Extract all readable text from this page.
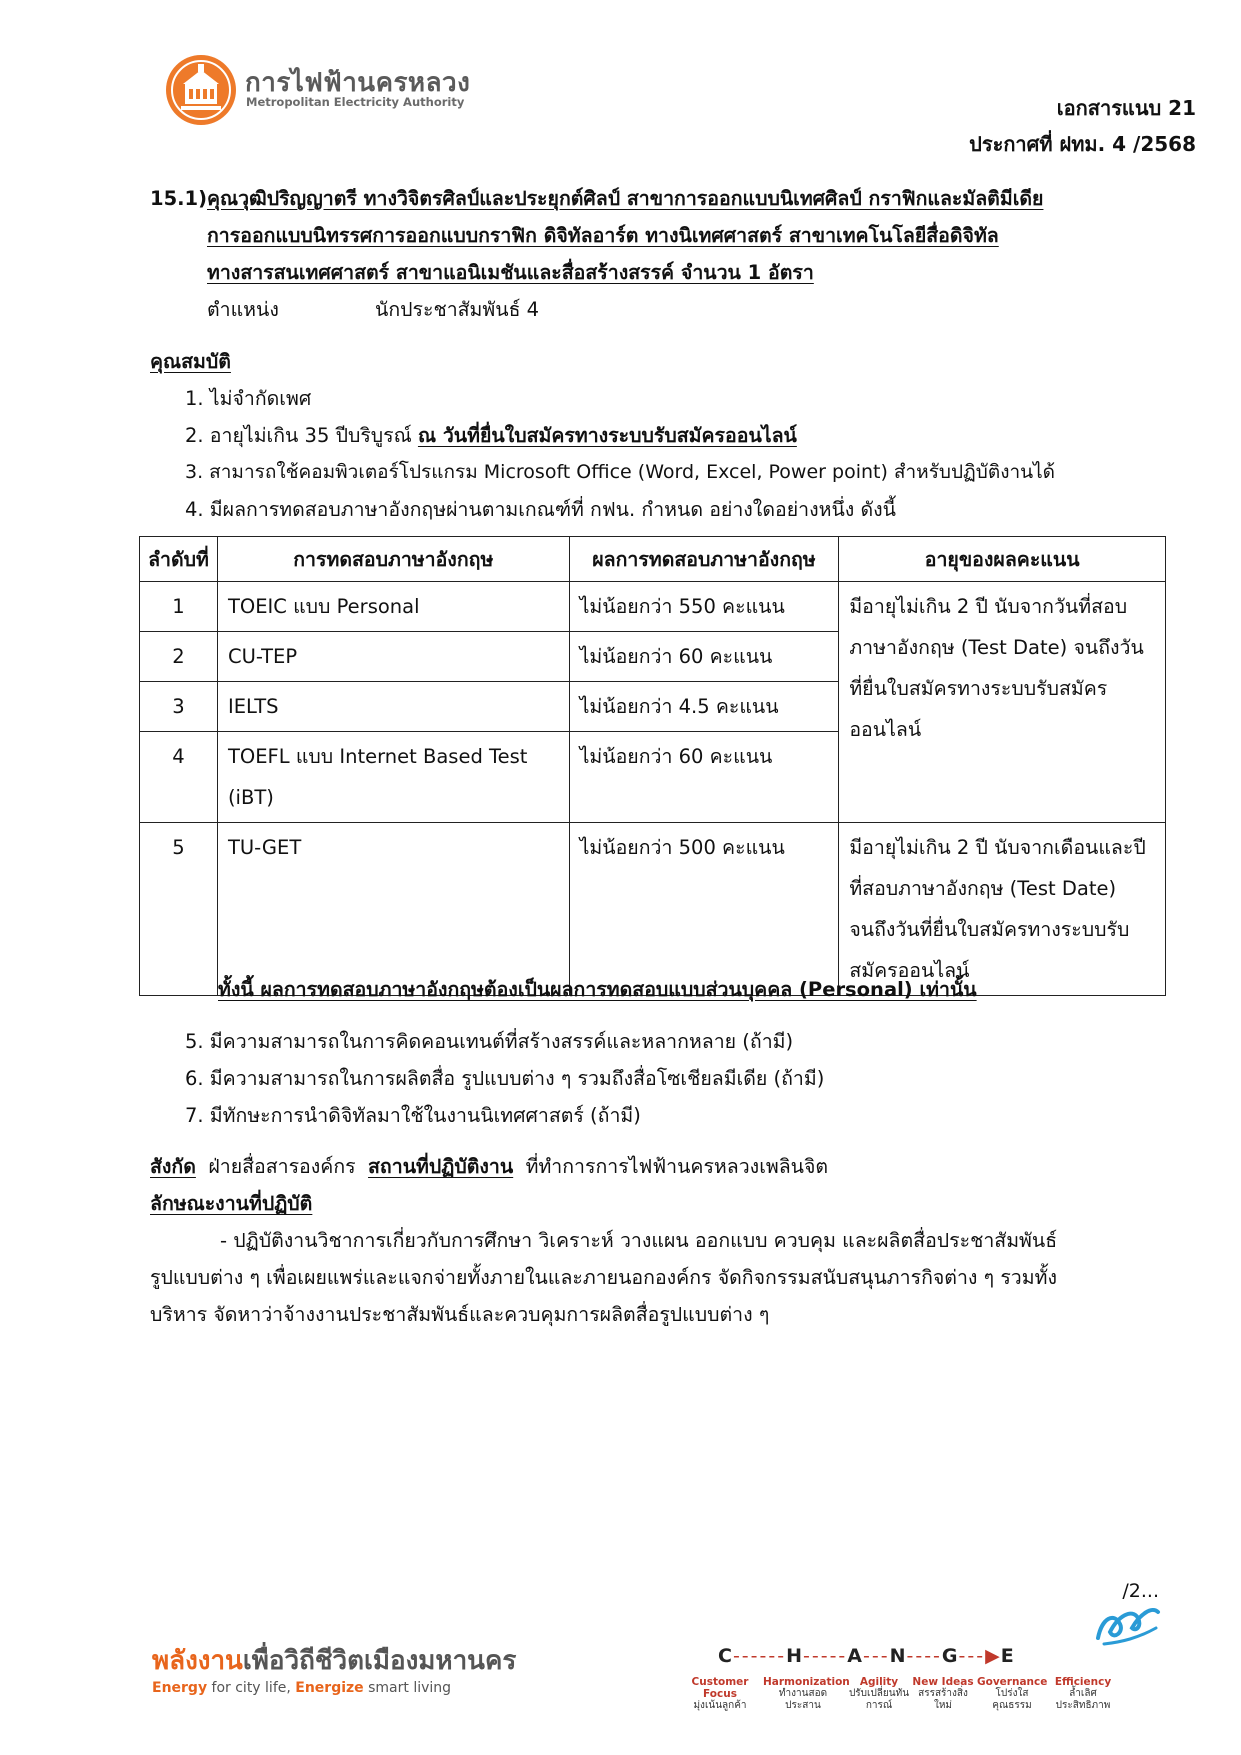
การไฟฟ้านครหลวง
Metropolitan Electricity Authority	เอกสารแนบ 21
ประกาศที่ ฝทม. 4 /2568
15.1) คุณวุฒิปริญญาตรี ทางวิจิตรศิลป์และประยุกต์ศิลป์ สาขาการออกแบบนิเทศศิลป์ กราฟิกและมัลติมีเดีย
การออกแบบนิทรรศการออกแบบกราฟิก ดิจิทัลอาร์ต ทางนิเทศศาสตร์ สาขาเทคโนโลยีสื่อดิจิทัล
ทางสารสนเทศศาสตร์ สาขาแอนิเมชันและสื่อสร้างสรรค์ จำนวน 1 อัตรา
ตำแหน่ง	นักประชาสัมพันธ์ 4
คุณสมบัติ
1. ไม่จำกัดเพศ
2. อายุไม่เกิน 35 ปีบริบูรณ์ ณ วันที่ยื่นใบสมัครทางระบบรับสมัครออนไลน์
3. สามารถใช้คอมพิวเตอร์โปรแกรม Microsoft Office (Word, Excel, Power point) สำหรับปฏิบัติงานได้
4. มีผลการทดสอบภาษาอังกฤษผ่านตามเกณฑ์ที่ กฟน. กำหนด อย่างใดอย่างหนึ่ง ดังนี้
ลำดับที่	การทดสอบภาษาอังกฤษ	ผลการทดสอบภาษาอังกฤษ	อายุของผลคะแนน
1	TOEIC แบบ Personal	ไม่น้อยกว่า 550 คะแนน	มีอายุไม่เกิน 2 ปี นับจากวันที่สอบภาษาอังกฤษ (Test Date) จนถึงวันที่ยื่นใบสมัครทางระบบรับสมัครออนไลน์
2	CU-TEP	ไม่น้อยกว่า 60 คะแนน	
3	IELTS	ไม่น้อยกว่า 4.5 คะแนน	
4	TOEFL แบบ Internet Based Test (iBT)	ไม่น้อยกว่า 60 คะแนน	
5	TU-GET	ไม่น้อยกว่า 500 คะแนน	มีอายุไม่เกิน 2 ปี นับจากเดือนและปีที่สอบภาษาอังกฤษ (Test Date) จนถึงวันที่ยื่นใบสมัครทางระบบรับสมัครออนไลน์
ทั้งนี้ ผลการทดสอบภาษาอังกฤษต้องเป็นผลการทดสอบแบบส่วนบุคคล (Personal) เท่านั้น
5. มีความสามารถในการคิดคอนเทนต์ที่สร้างสรรค์และหลากหลาย (ถ้ามี)
6. มีความสามารถในการผลิตสื่อ รูปแบบต่าง ๆ รวมถึงสื่อโซเชียลมีเดีย (ถ้ามี)
7. มีทักษะการนำดิจิทัลมาใช้ในงานนิเทศศาสตร์ (ถ้ามี)
สังกัด ฝ่ายสื่อสารองค์กร สถานที่ปฏิบัติงาน ที่ทำการการไฟฟ้านครหลวงเพลินจิต
ลักษณะงานที่ปฏิบัติ
- ปฏิบัติงานวิชาการเกี่ยวกับการศึกษา วิเคราะห์ วางแผน ออกแบบ ควบคุม และผลิตสื่อประชาสัมพันธ์
รูปแบบต่าง ๆ เพื่อเผยแพร่และแจกจ่ายทั้งภายในและภายนอกองค์กร จัดกิจกรรมสนับสนุนภารกิจต่าง ๆ รวมทั้ง
บริหาร จัดหาว่าจ้างงานประชาสัมพันธ์และควบคุมการผลิตสื่อรูปแบบต่าง ๆ
/2...
พลังงานเพื่อวิถีชีวิตเมืองมหานคร
Energy for city life, Energize smart living
C------H-----A---N----G---▶E
Customer Focus
มุ่งเน้นลูกค้า
Harmonization
ทำงานสอดประสาน
Agility
ปรับเปลี่ยนทันการณ์
New Ideas
สรรสร้างสิ่งใหม่
Governance
โปร่งใสคุณธรรม
Efficiency
ล้ำเลิศประสิทธิภาพ
